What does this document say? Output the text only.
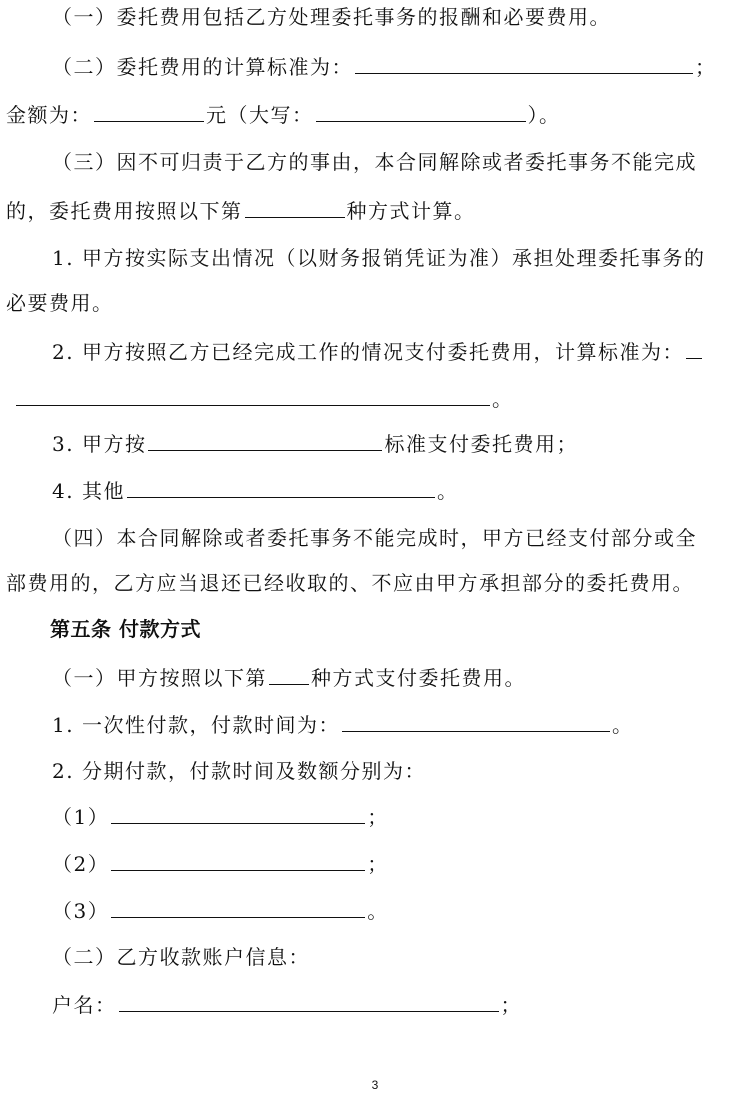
（一）委托费用包括乙方处理委托事务的报酬和必要费用。
（二）委托费用的计算标准为：	；
金额为：	元（大写：	）。
（三）因不可归责于乙方的事由，本合同解除或者委托事务不能完成
的，委托费用按照以下第	种方式计算。
1. 甲方按实际支出情况（以财务报销凭证为准）承担处理委托事务的
必要费用。
2. 甲方按照乙方已经完成工作的情况支付委托费用，计算标准为：
。
3. 甲方按	标准支付委托费用；
4. 其他	。
（四）本合同解除或者委托事务不能完成时，甲方已经支付部分或全
部费用的，乙方应当退还已经收取的、不应由甲方承担部分的委托费用。
第五条 付款方式
（一）甲方按照以下第 种方式支付委托费用。
1. 一次性付款，付款时间为：	。
2. 分期付款，付款时间及数额分别为：
（1）	；
（2）	；
（3）	。
（二）乙方收款账户信息：
户名：	；
3
